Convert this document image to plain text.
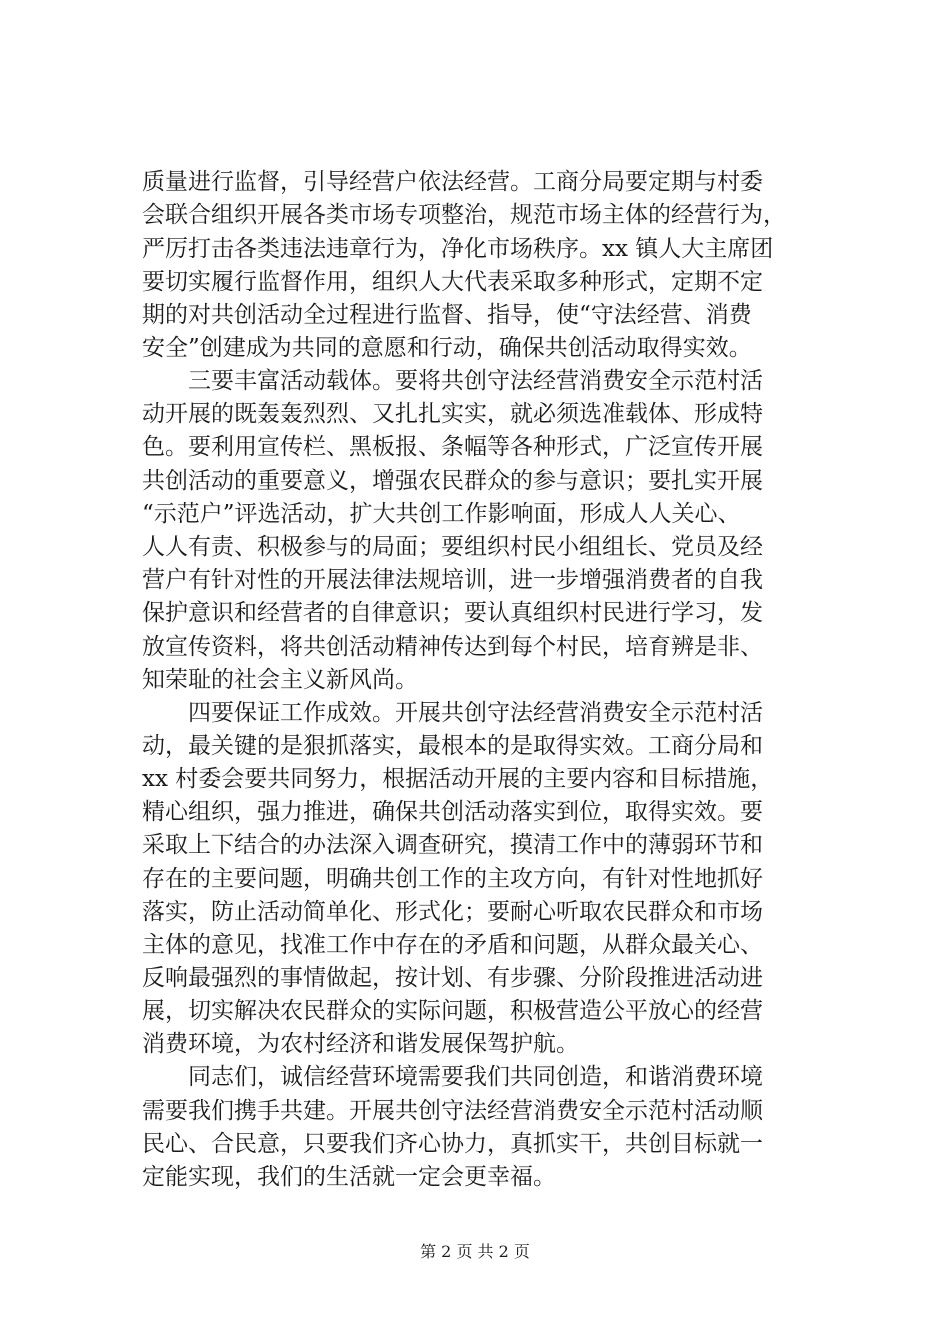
质量进行监督，引导经营户依法经营。工商分局要定期与村委
会联合组织开展各类市场专项整治，规范市场主体的经营行为，
严厉打击各类违法违章行为，净化市场秩序。xx 镇人大主席团
要切实履行监督作用，组织人大代表采取多种形式，定期不定
期的对共创活动全过程进行监督、指导，使“守法经营、消费
安全”创建成为共同的意愿和行动，确保共创活动取得实效。
三要丰富活动载体。要将共创守法经营消费安全示范村活
动开展的既轰轰烈烈、又扎扎实实，就必须选准载体、形成特
色。要利用宣传栏、黑板报、条幅等各种形式，广泛宣传开展
共创活动的重要意义，增强农民群众的参与意识；要扎实开展
“示范户”评选活动，扩大共创工作影响面，形成人人关心、
人人有责、积极参与的局面；要组织村民小组组长、党员及经
营户有针对性的开展法律法规培训，进一步增强消费者的自我
保护意识和经营者的自律意识；要认真组织村民进行学习，发
放宣传资料，将共创活动精神传达到每个村民，培育辨是非、
知荣耻的社会主义新风尚。
四要保证工作成效。开展共创守法经营消费安全示范村活
动，最关键的是狠抓落实，最根本的是取得实效。工商分局和
xx 村委会要共同努力，根据活动开展的主要内容和目标措施，
精心组织，强力推进，确保共创活动落实到位，取得实效。要
采取上下结合的办法深入调查研究，摸清工作中的薄弱环节和
存在的主要问题，明确共创工作的主攻方向，有针对性地抓好
落实，防止活动简单化、形式化；要耐心听取农民群众和市场
主体的意见，找准工作中存在的矛盾和问题，从群众最关心、
反响最强烈的事情做起，按计划、有步骤、分阶段推进活动进
展，切实解决农民群众的实际问题，积极营造公平放心的经营
消费环境，为农村经济和谐发展保驾护航。
同志们，诚信经营环境需要我们共同创造，和谐消费环境
需要我们携手共建。开展共创守法经营消费安全示范村活动顺
民心、合民意，只要我们齐心协力，真抓实干，共创目标就一
定能实现，我们的生活就一定会更幸福。
第 2 页 共 2 页
